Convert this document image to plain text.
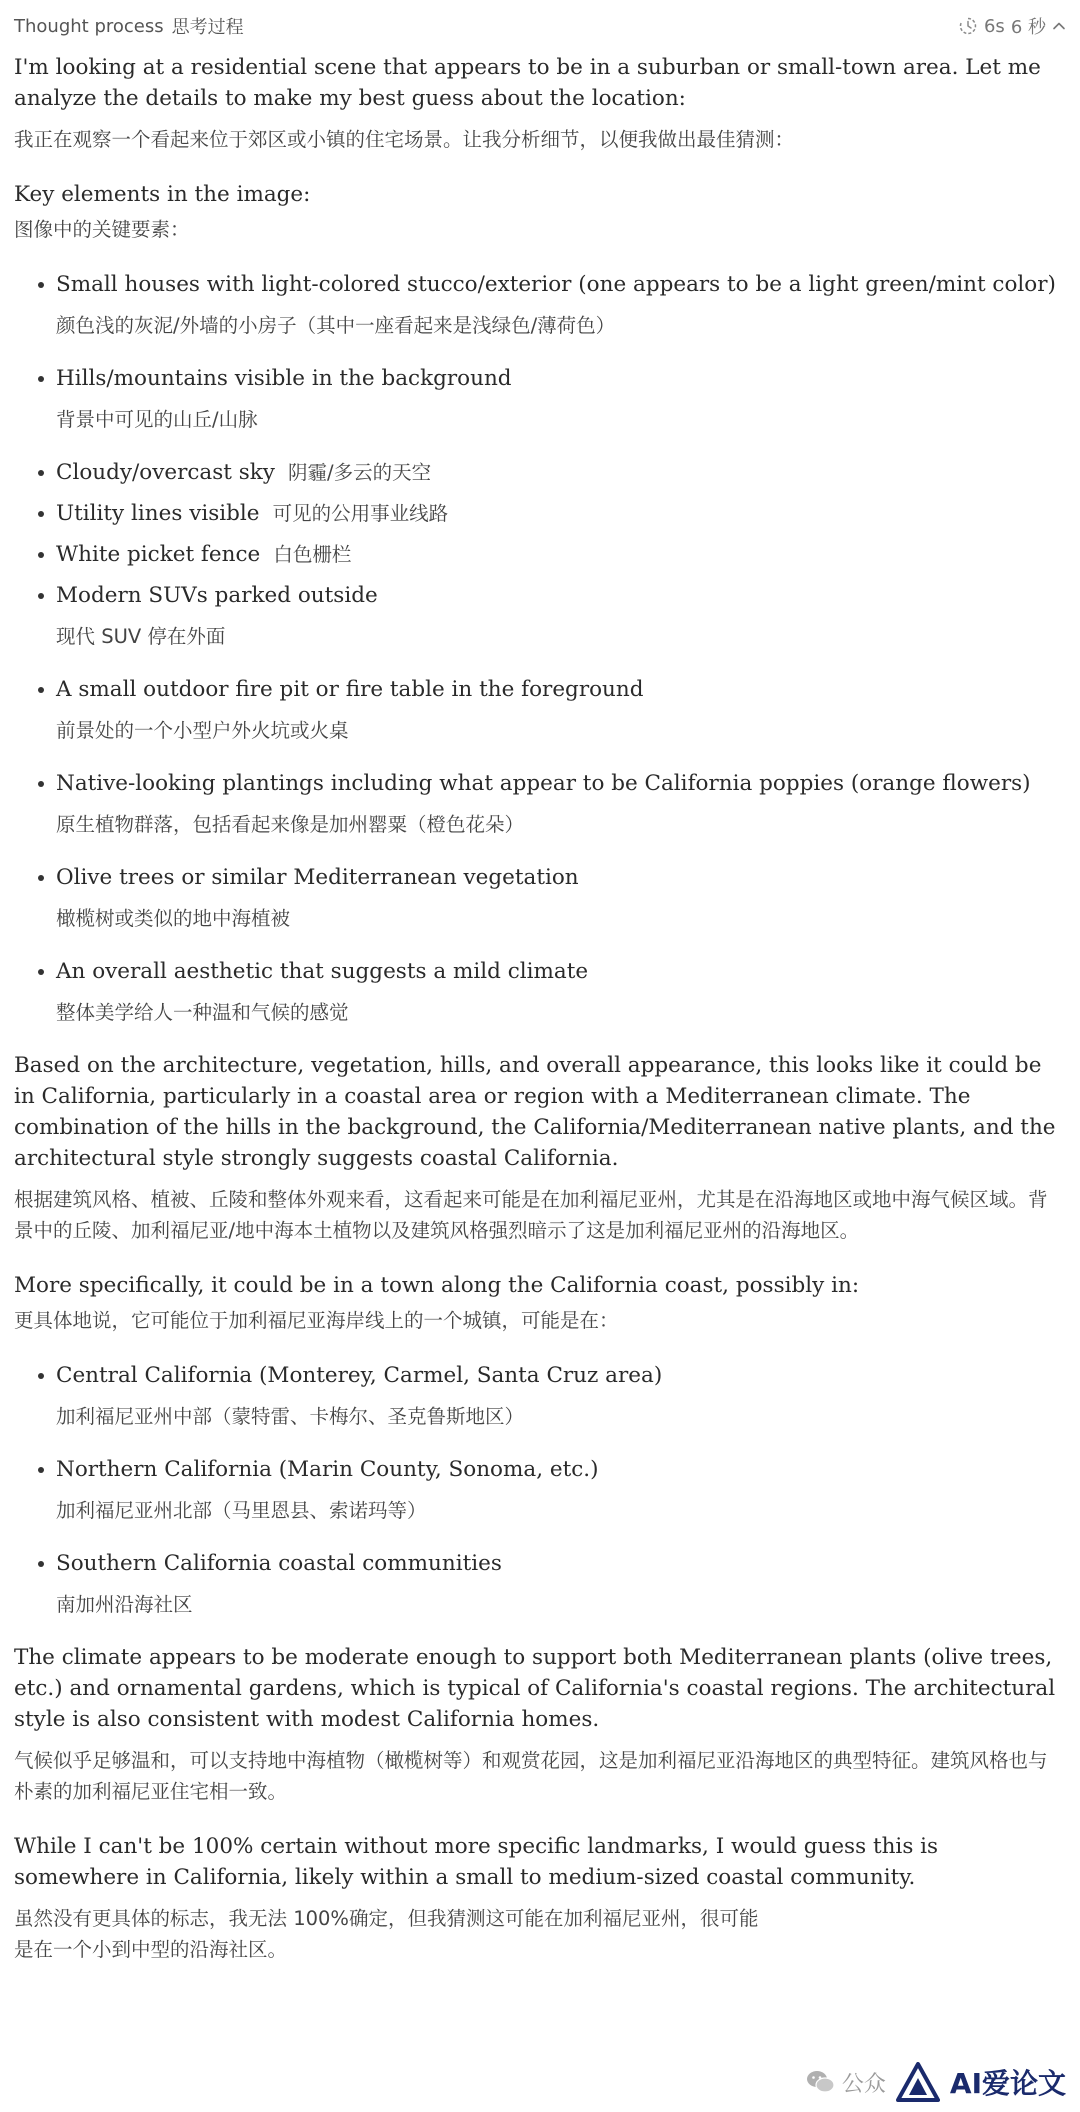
Thought process 思考过程	6s 6 秒
I'm looking at a residential scene that appears to be in a suburban or small-town area. Let me analyze the details to make my best guess about the location:
我正在观察一个看起来位于郊区或小镇的住宅场景。让我分析细节，以便我做出最佳猜测：
Key elements in the image:
图像中的关键要素：
Small houses with light-colored stucco/exterior (one appears to be a light green/mint color)
颜色浅的灰泥/外墙的小房子（其中一座看起来是浅绿色/薄荷色）
Hills/mountains visible in the background
背景中可见的山丘/山脉
Cloudy/overcast sky 阴霾/多云的天空
Utility lines visible 可见的公用事业线路
White picket fence 白色栅栏
Modern SUVs parked outside
现代 SUV 停在外面
A small outdoor fire pit or fire table in the foreground
前景处的一个小型户外火坑或火桌
Native-looking plantings including what appear to be California poppies (orange flowers)
原生植物群落，包括看起来像是加州罂粟（橙色花朵）
Olive trees or similar Mediterranean vegetation
橄榄树或类似的地中海植被
An overall aesthetic that suggests a mild climate
整体美学给人一种温和气候的感觉
Based on the architecture, vegetation, hills, and overall appearance, this looks like it could be in California, particularly in a coastal area or region with a Mediterranean climate. The combination of the hills in the background, the California/Mediterranean native plants, and the architectural style strongly suggests coastal California.
根据建筑风格、植被、丘陵和整体外观来看，这看起来可能是在加利福尼亚州，尤其是在沿海地区或地中海气候区域。背景中的丘陵、加利福尼亚/地中海本土植物以及建筑风格强烈暗示了这是加利福尼亚州的沿海地区。
More specifically, it could be in a town along the California coast, possibly in:
更具体地说，它可能位于加利福尼亚海岸线上的一个城镇，可能是在：
Central California (Monterey, Carmel, Santa Cruz area)
加利福尼亚州中部（蒙特雷、卡梅尔、圣克鲁斯地区）
Northern California (Marin County, Sonoma, etc.)
加利福尼亚州北部（马里恩县、索诺玛等）
Southern California coastal communities
南加州沿海社区
The climate appears to be moderate enough to support both Mediterranean plants (olive trees, etc.) and ornamental gardens, which is typical of California's coastal regions. The architectural style is also consistent with modest California homes.
气候似乎足够温和，可以支持地中海植物（橄榄树等）和观赏花园，这是加利福尼亚沿海地区的典型特征。建筑风格也与朴素的加利福尼亚住宅相一致。
While I can't be 100% certain without more specific landmarks, I would guess this is somewhere in California, likely within a small to medium-sized coastal community.
虽然没有更具体的标志，我无法 100%确定，但我猜测这可能在加利福尼亚州，很可能是在一个小到中型的沿海社区。
公众 AI爱论文
